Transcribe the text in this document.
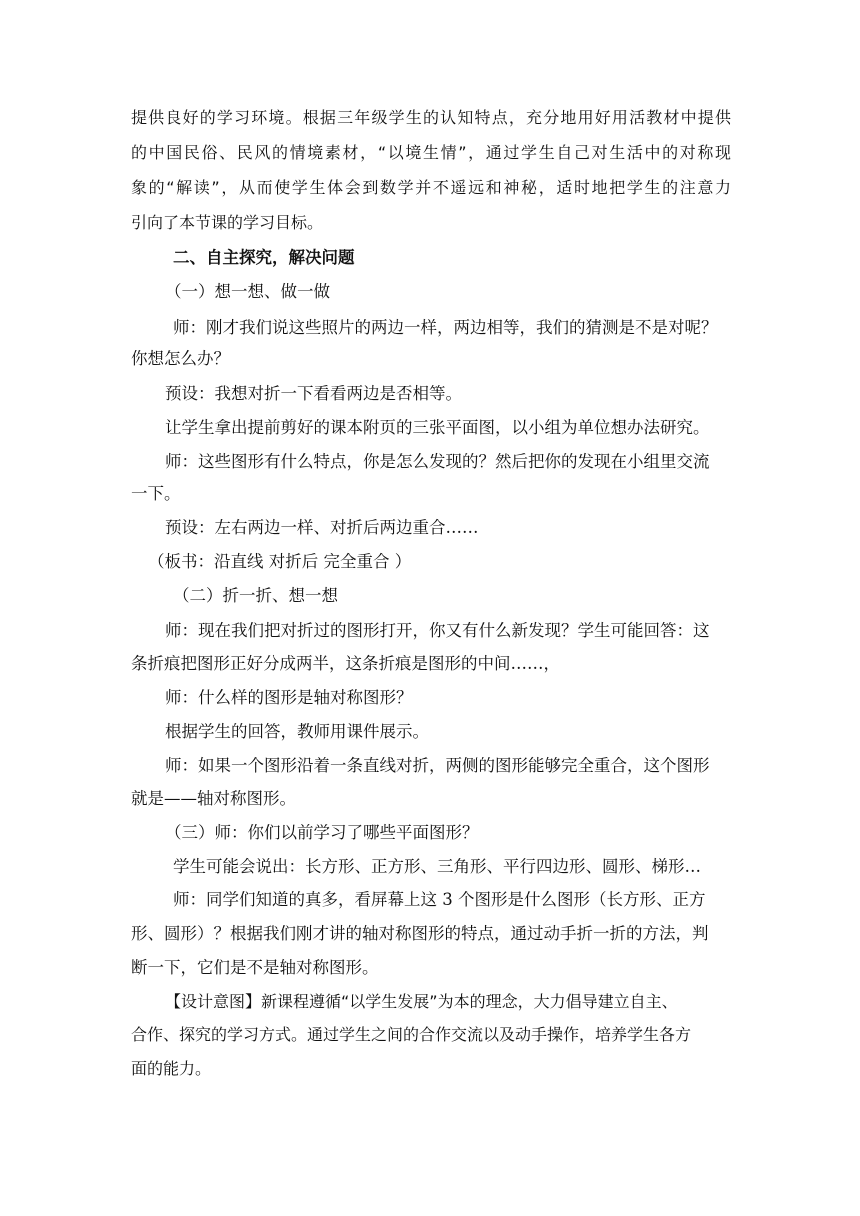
提供良好的学习环境。根据三年级学生的认知特点，充分地用好用活教材中提供
的中国民俗、民风的情境素材，“以境生情”，通过学生自己对生活中的对称现
象的“解读”，从而使学生体会到数学并不遥远和神秘，适时地把学生的注意力
引向了本节课的学习目标。
二、自主探究，解决问题
（一）想一想、做一做
师：刚才我们说这些照片的两边一样，两边相等，我们的猜测是不是对呢？
你想怎么办？
预设：我想对折一下看看两边是否相等。
让学生拿出提前剪好的课本附页的三张平面图，以小组为单位想办法研究。
师：这些图形有什么特点，你是怎么发现的？然后把你的发现在小组里交流
一下。
预设：左右两边一样、对折后两边重合……
（板书：沿直线 对折后 完全重合 ）
（二）折一折、想一想
师：现在我们把对折过的图形打开，你又有什么新发现？学生可能回答：这
条折痕把图形正好分成两半，这条折痕是图形的中间……，
师：什么样的图形是轴对称图形？
根据学生的回答，教师用课件展示。
师：如果一个图形沿着一条直线对折，两侧的图形能够完全重合，这个图形
就是——轴对称图形。
（三）师：你们以前学习了哪些平面图形？
学生可能会说出：长方形、正方形、三角形、平行四边形、圆形、梯形…
师：同学们知道的真多，看屏幕上这 3 个图形是什么图形（长方形、正方
形、圆形）？根据我们刚才讲的轴对称图形的特点，通过动手折一折的方法，判
断一下，它们是不是轴对称图形。
【设计意图】新课程遵循“以学生发展”为本的理念，大力倡导建立自主、
合作、探究的学习方式。通过学生之间的合作交流以及动手操作，培养学生各方
面的能力。
